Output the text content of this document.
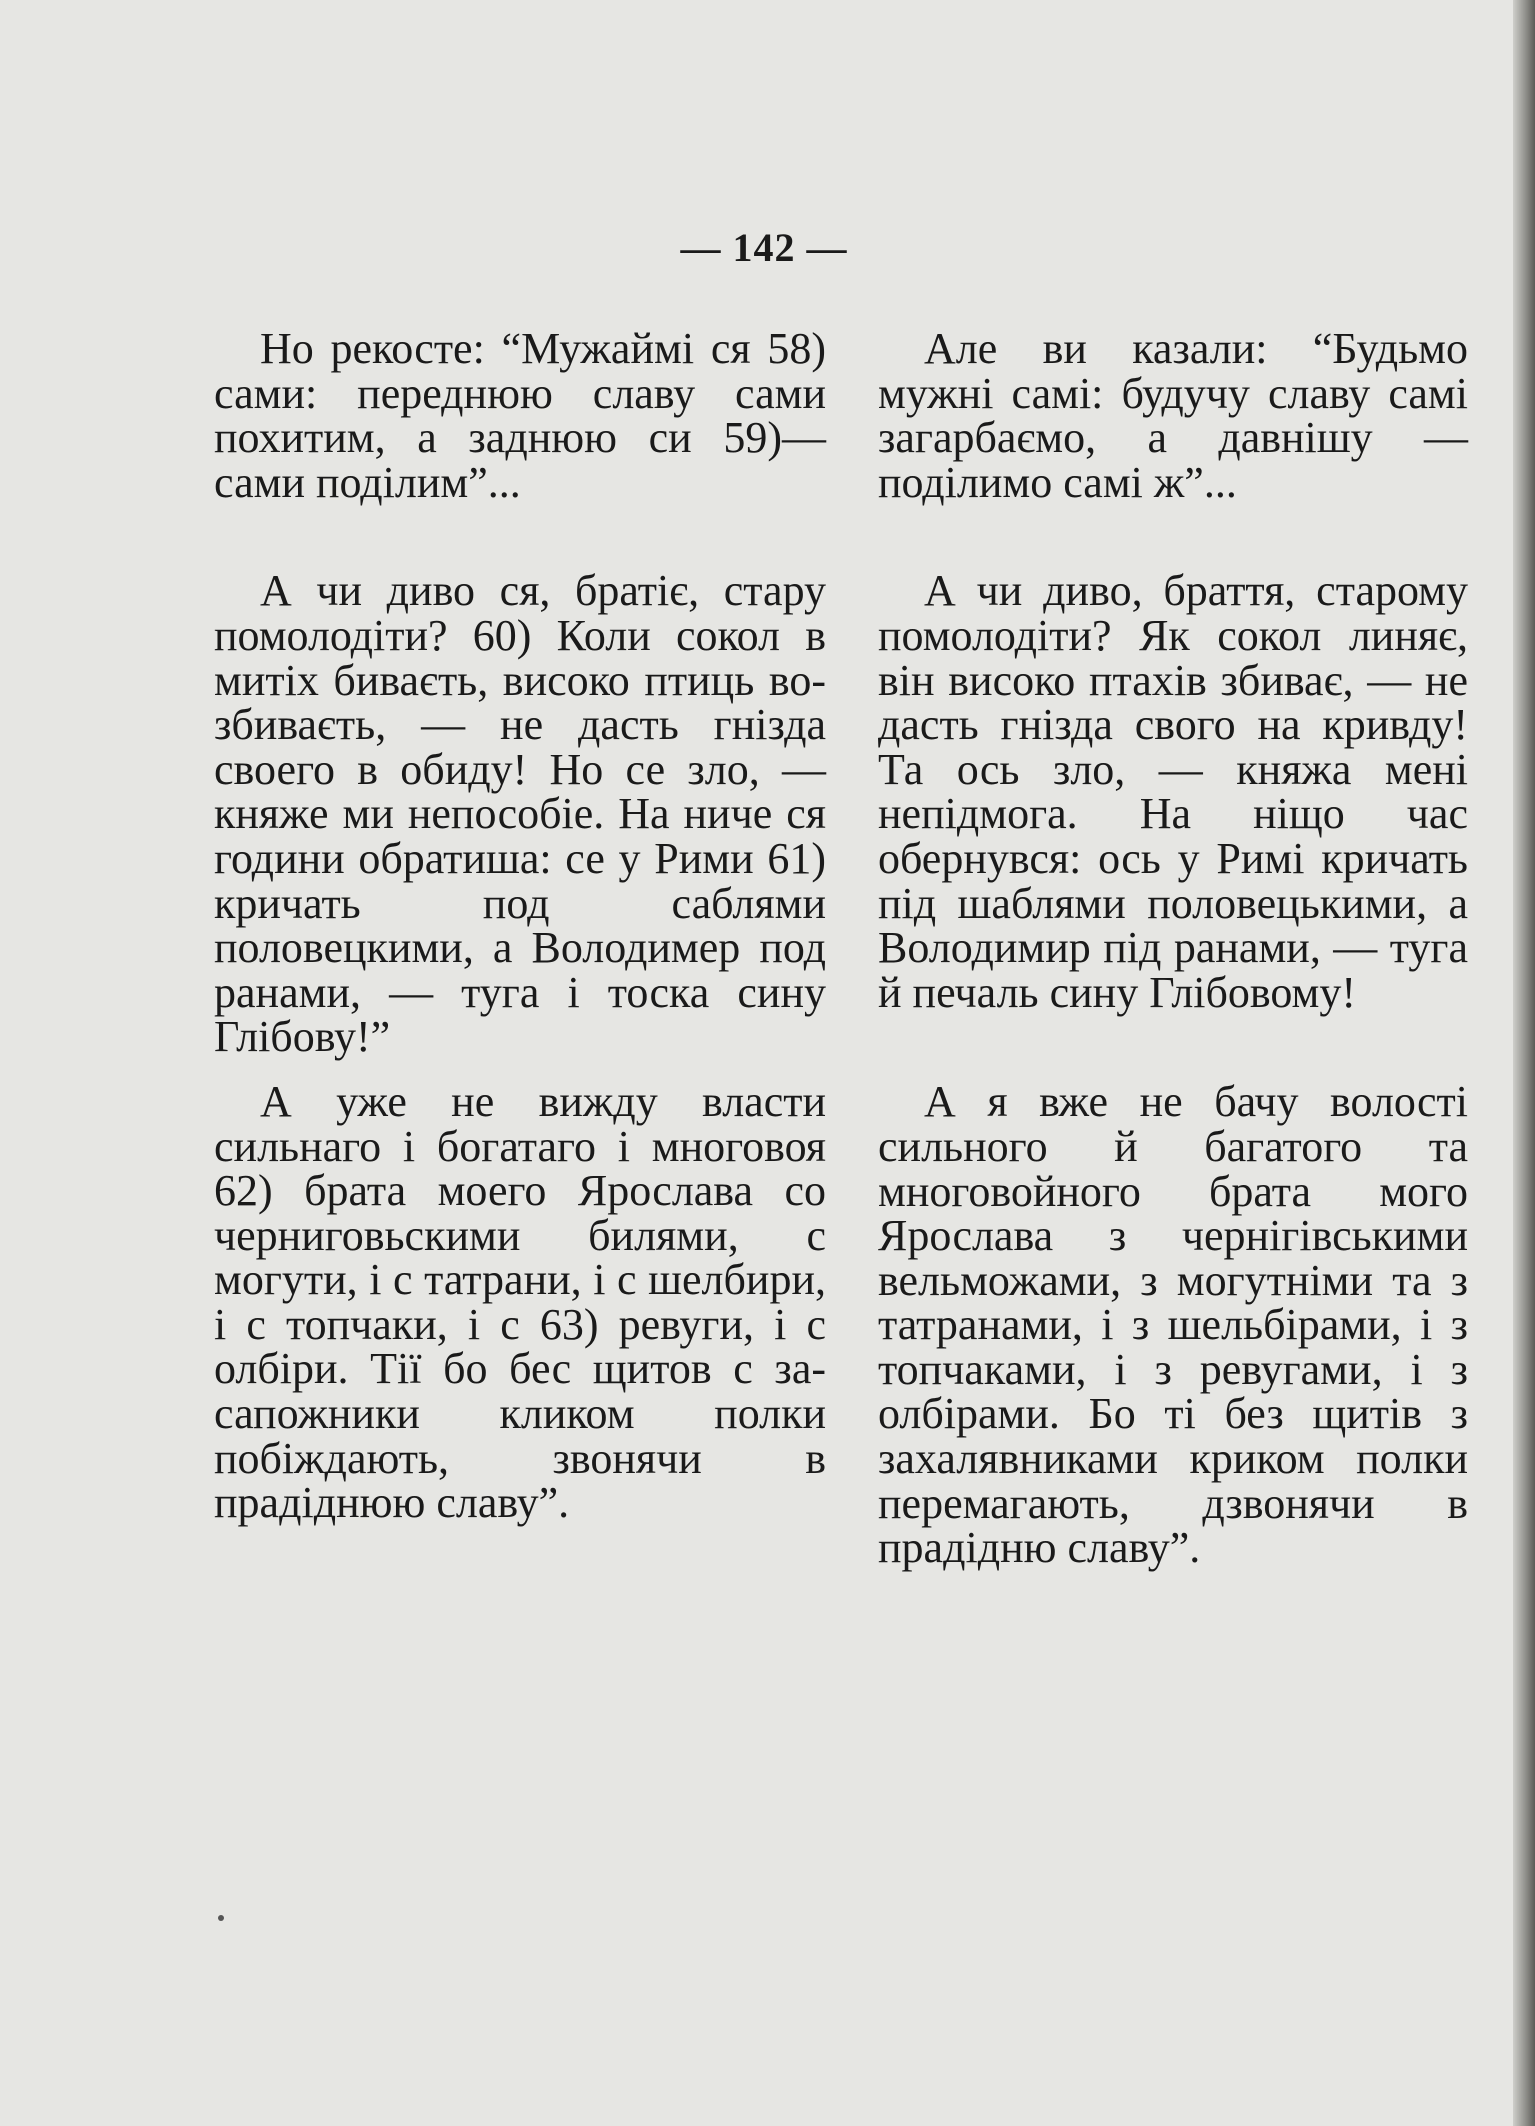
— 142 —

Но рекосте: “Мужаймі ся 58) сами: переднюю славу сами похитим, а заднюю си 59)— сами поділим”...

А чи диво ся, братіє, стару помолодіти? 60) Коли сокол в митіх биваєть, високо птиць возбиваєть, — не дасть гнізда своего в обиду! Но се зло, — княже ми непособіе. На ниче ся години обратиша: се у Рими 61) кричать под саблями половецкими, а Володимер под ранами, — туга і тоска сину Глібову!”

А уже не вижду власти сильнаго і богатаго і многовоя 62) брата моего Ярослава со черниговьскими билями, с могути, і с татрани, і с шелбири, і с топчаки, і с 63) ревуги, і с олбіри. Тії бо бес щитов с засапожники кликом полки побіждають, звонячи в прадіднюю славу”.

Але ви казали: “Будьмо мужні самі: будучу славу самі загарбаємо, а давнішу — поділимо самі ж”...

А чи диво, браття, старому помолодіти? Як сокол линяє, він високо птахів збиває, — не дасть гнізда свого на кривду! Та ось зло, — княжа мені непідмога. На ніщо час обернувся: ось у Римі кричать під шаблями половецькими, а Володимир під ранами, — туга й печаль сину Глібовому!

А я вже не бачу волості сильного й багатого та многовойного брата мого Ярослава з чернігівськими вельможами, з могутніми та з татранами, і з шельбірами, і з топчаками, і з ревугами, і з олбірами. Бо ті без щитів з захалявниками криком полки перемагають, дзвонячи в прадідню славу”.
